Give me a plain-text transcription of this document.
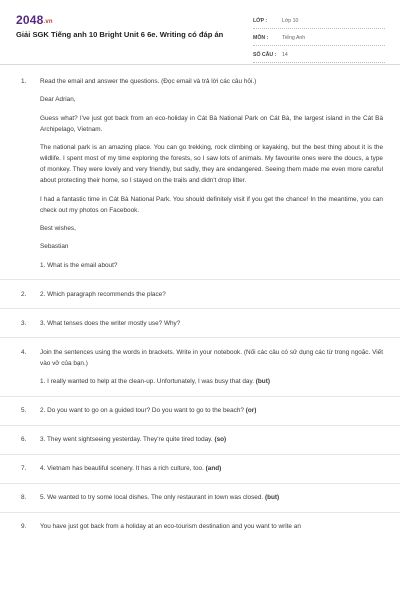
2048.vn
Giải SGK Tiếng anh 10 Bright Unit 6 6e. Writing có đáp án
LỚP :	Lớp 10
MÔN :	Tiếng Anh
SỐ CÂU :	14
1.	Read the email and answer the questions. (Đọc email và trả lời các câu hỏi.)

Dear Adrian,

Guess what? I've just got back from an eco-holiday in Cát Bà National Park on Cát Bà, the largest island in the Cát Bà Archipelago, Vietnam.

The national park is an amazing place. You can go trekking, rock climbing or kayaking, but the best thing about it is the wildlife. I spent most of my time exploring the forests, so I saw lots of animals. My favourite ones were the doucs, a type of monkey. They were lovely and very friendly, but sadly, they are endangered. Seeing them made me even more careful about protecting their home, so I stayed on the trails and didn't drop litter.

I had a fantastic time in Cát Bà National Park. You should definitely visit if you get the chance! In the meantime, you can check out my photos on Facebook.

Best wishes,

Sebastian

1. What is the email about?

2.	2. Which paragraph recommends the place?
3.	3. What tenses does the writer mostly use? Why?
4.	Join the sentences using the words in brackets. Write in your notebook. (Nối các câu có sử dụng các từ trong ngoặc. Viết vào vở của bạn.)

1. I really wanted to help at the clean-up. Unfortunately, I was busy that day. (but)

5.	2. Do you want to go on a guided tour? Do you want to go to the beach? (or)
6.	3. They went sightseeing yesterday. They're quite tired today. (so)
7.	4. Vietnam has beautiful scenery. It has a rich culture, too. (and)
8.	5. We wanted to try some local dishes. The only restaurant in town was closed. (but)
9.	You have just got back from a holiday at an eco-tourism destination and you want to write an
